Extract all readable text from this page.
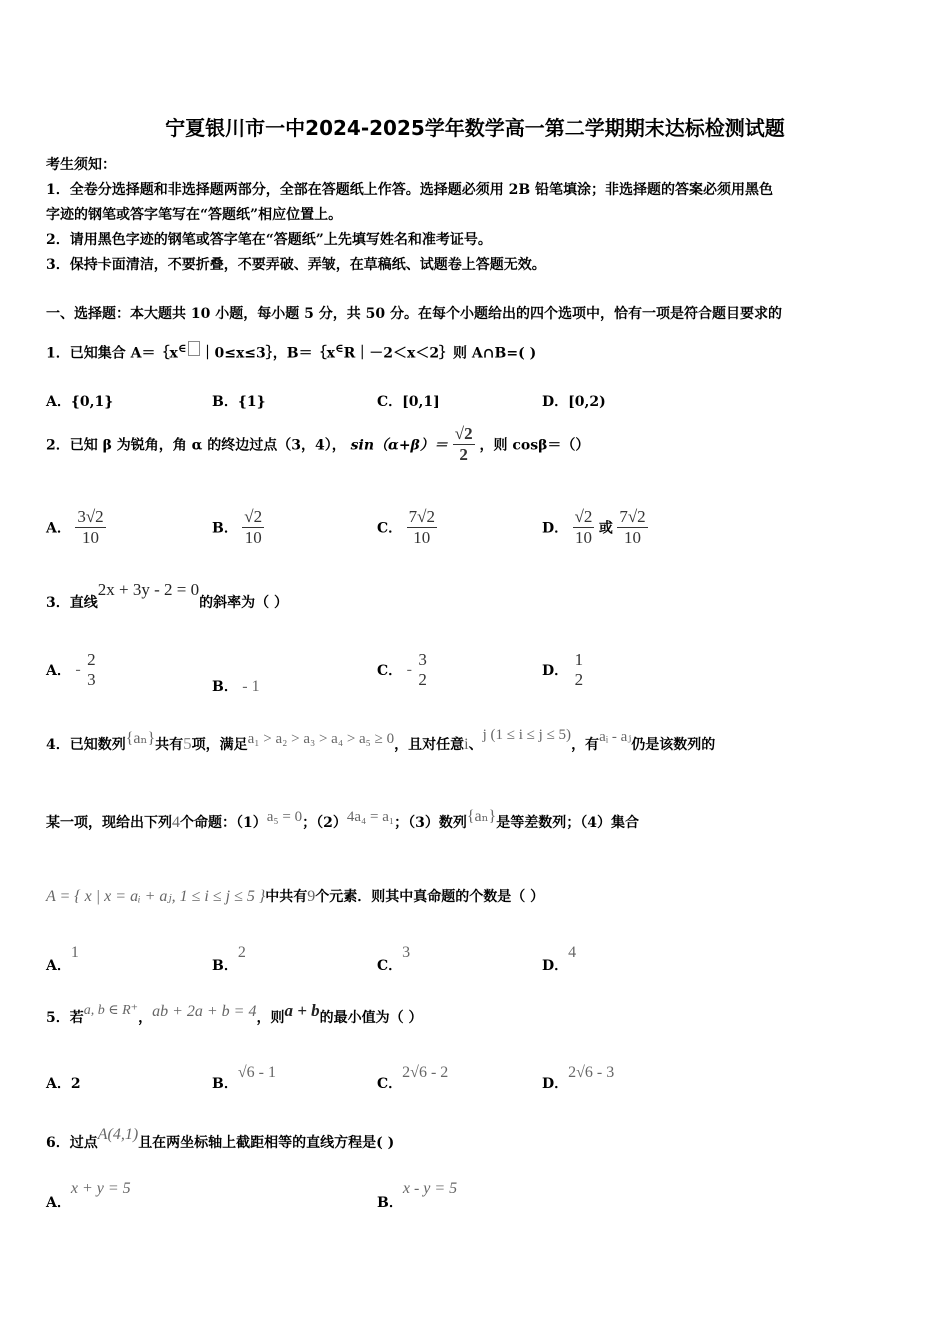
宁夏银川市一中2024-2025学年数学高一第二学期期末达标检测试题
考生须知：
1．全卷分选择题和非选择题两部分，全部在答题纸上作答。选择题必须用 2B 铅笔填涂；非选择题的答案必须用黑色
字迹的钢笔或答字笔写在“答题纸”相应位置上。
2．请用黑色字迹的钢笔或答字笔在“答题纸”上先填写姓名和准考证号。
3．保持卡面清洁，不要折叠，不要弄破、弄皱，在草稿纸、试题卷上答题无效。
一、选择题：本大题共 10 小题，每小题 5 分，共 50 分。在每个小题给出的四个选项中，恰有一项是符合题目要求的
1．已知集合 A＝｛x∈ ｜0≤x≤3｝，B＝｛x∈R｜－2＜x＜2｝则 A∩B=( )
A．{0,1}	B．{1}	C．[0,1]	D．[0,2)
2．已知 β 为锐角，角 α 的终边过点（3，4）， $\sin(\alpha+\beta)= \frac{√2}{2}$ ，则 cosβ＝（）
A． $\frac{3√2}{10}$	B． $\frac{√2}{10}$	C． $\frac{7√2}{10}$	D． $\frac{√2}{10}$ 或 $\frac{7√2}{10}$
3．直线2x + 3y - 2 = 0的斜率为（ ）
A． -
2
3	B． - 1
C． -
3
2	D．
1
2
4．已知数列{aₙ}共有5项，满足a₁ > a₂ > a₃ > a₄ > a₅ ≥ 0，且对任意i、j (1 ≤ i ≤ j ≤ 5)，有aᵢ - aⱼ仍是该数列的
某一项，现给出下列4个命题：（1）a₅ = 0；（2）4a₄ = a₁；（3）数列{aₙ}是等差数列；（4）集合
A = { x | x = aᵢ + aⱼ, 1 ≤ i ≤ j ≤ 5 }中共有9个元素．则其中真命题的个数是（ ）
A．1
B．2
C．3
D．4
5．若a, b ∈ R⁺，ab + 2a + b = 4，则a + b的最小值为（ ）
A．2	B．√6 - 1
C．2√6 - 2
D．2√6 - 3
6．过点A(4,1)且在两坐标轴上截距相等的直线方程是( )
A．x + y = 5
B．x - y = 5
